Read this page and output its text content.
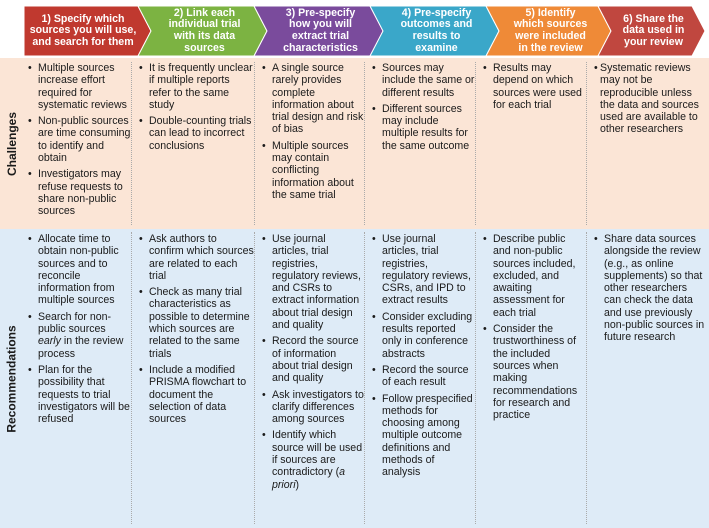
1) Specify which
sources you will use,
and search for them
2) Link each
individual trial
with its data
sources
3) Pre-specify
how you will
extract trial
characteristics
4) Pre-specify
outcomes and
results to
examine
5) Identify
which sources
were included
in the review
6) Share the
data used in
your review
Challenges
Recommendations
• Multiple sources increase effort required for systematic reviews
• Non-public sources are time consuming to identify and obtain
• Investigators may refuse requests to share non-public sources
• It is frequently unclear if multiple reports refer to the same study
• Double-counting trials can lead to incorrect conclusions
• A single source rarely provides complete information about trial design and risk of bias
• Multiple sources may contain conflicting information about the same trial
• Sources may include the same or different results
• Different sources may include multiple results for the same outcome
• Results may depend on which sources were used for each trial
• Systematic reviews may not be reproducible unless the data and sources used are available to other researchers
• Allocate time to obtain non-public sources and to reconcile information from multiple sources
• Search for non-public sources early in the review process
• Plan for the possibility that requests to trial investigators will be refused
• Ask authors to confirm which sources are related to each trial
• Check as many trial characteristics as possible to determine which sources are related to the same trials
• Include a modified PRISMA flowchart to document the selection of data sources
• Use journal articles, trial registries, regulatory reviews, and CSRs to extract information about trial design and quality
• Record the source of information about trial design and quality
• Ask investigators to clarify differences among sources
• Identify which source will be used if sources are contradictory (a priori)
• Use journal articles, trial registries, regulatory reviews, CSRs, and IPD to extract results
• Consider excluding results reported only in conference abstracts
• Record the source of each result
• Follow prespecified methods for choosing among multiple outcome definitions and methods of analysis
• Describe public and non-public sources included, excluded, and awaiting assessment for each trial
• Consider the trustworthiness of the included sources when making recommendations for research and practice
• Share data sources alongside the review (e.g., as online supplements) so that other researchers can check the data and use previously non-public sources in future research
